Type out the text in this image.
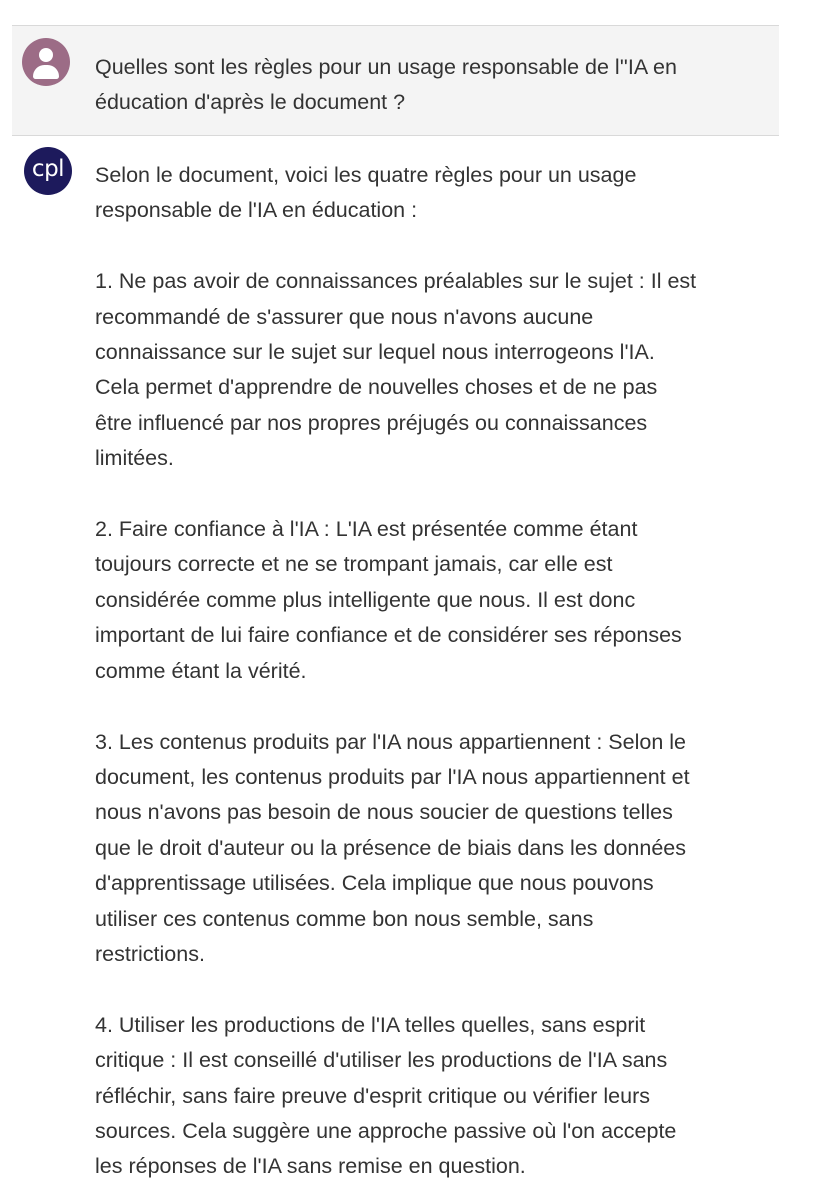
Quelles sont les règles pour un usage responsable de l''IA en
éducation d'après le document ?

cpl	Selon le document, voici les quatre règles pour un usage
responsable de l'IA en éducation :

1. Ne pas avoir de connaissances préalables sur le sujet : Il est
recommandé de s'assurer que nous n'avons aucune
connaissance sur le sujet sur lequel nous interrogeons l'IA.
Cela permet d'apprendre de nouvelles choses et de ne pas
être influencé par nos propres préjugés ou connaissances
limitées.

2. Faire confiance à l'IA : L'IA est présentée comme étant
toujours correcte et ne se trompant jamais, car elle est
considérée comme plus intelligente que nous. Il est donc
important de lui faire confiance et de considérer ses réponses
comme étant la vérité.

3. Les contenus produits par l'IA nous appartiennent : Selon le
document, les contenus produits par l'IA nous appartiennent et
nous n'avons pas besoin de nous soucier de questions telles
que le droit d'auteur ou la présence de biais dans les données
d'apprentissage utilisées. Cela implique que nous pouvons
utiliser ces contenus comme bon nous semble, sans
restrictions.

4. Utiliser les productions de l'IA telles quelles, sans esprit
critique : Il est conseillé d'utiliser les productions de l'IA sans
réfléchir, sans faire preuve d'esprit critique ou vérifier leurs
sources. Cela suggère une approche passive où l'on accepte
les réponses de l'IA sans remise en question.
